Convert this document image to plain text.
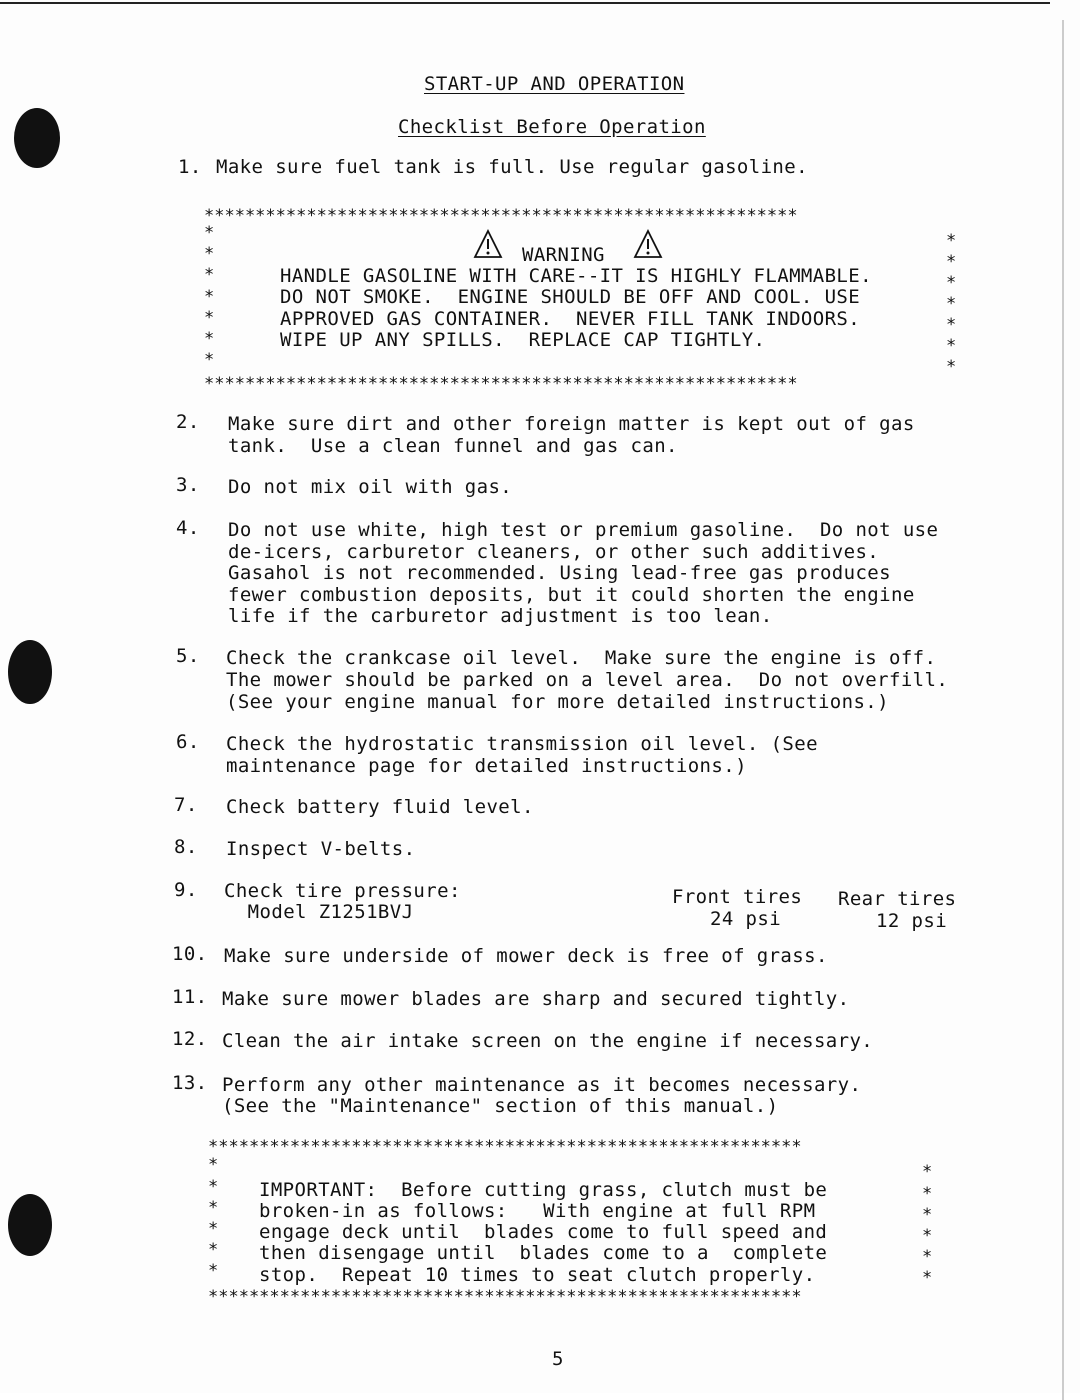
START-UP AND OPERATION
Checklist Before Operation
1. Make sure fuel tank is full. Use regular gasoline.
**********************************************************
**********************************************************
*
*
*
*
*
*
*
*
*
*
*
*
*
*
WARNING
HANDLE GASOLINE WITH CARE--IT IS HIGHLY FLAMMABLE.
DO NOT SMOKE.  ENGINE SHOULD BE OFF AND COOL. USE
APPROVED GAS CONTAINER.  NEVER FILL TANK INDOORS.
WIPE UP ANY SPILLS.  REPLACE CAP TIGHTLY.
2. Make sure dirt and other foreign matter is kept out of gas
tank.  Use a clean funnel and gas can.
3. Do not mix oil with gas.
4. Do not use white, high test or premium gasoline.  Do not use
de-icers, carburetor cleaners, or other such additives.
Gasahol is not recommended. Using lead-free gas produces
fewer combustion deposits, but it could shorten the engine
life if the carburetor adjustment is too lean.
5. Check the crankcase oil level.  Make sure the engine is off.
The mower should be parked on a level area.  Do not overfill.
(See your engine manual for more detailed instructions.)
6. Check the hydrostatic transmission oil level. (See
maintenance page for detailed instructions.)
7. Check battery fluid level.
8. Inspect V-belts.
9. Check tire pressure:
Model Z1251BVJ
Front tires Rear tires
24 psi	12 psi
10. Make sure underside of mower deck is free of grass.
11. Make sure mower blades are sharp and secured tightly.
12. Clean the air intake screen on the engine if necessary.
13. Perform any other maintenance as it becomes necessary.
(See the "Maintenance" section of this manual.)
**********************************************************
**********************************************************
*
*
*
*
*
*
*
*
*
*
*
*
IMPORTANT:  Before cutting grass, clutch must be
broken-in as follows:   With engine at full RPM
engage deck until  blades come to full speed and
then disengage until  blades come to a  complete
stop.  Repeat 10 times to seat clutch properly.
5
